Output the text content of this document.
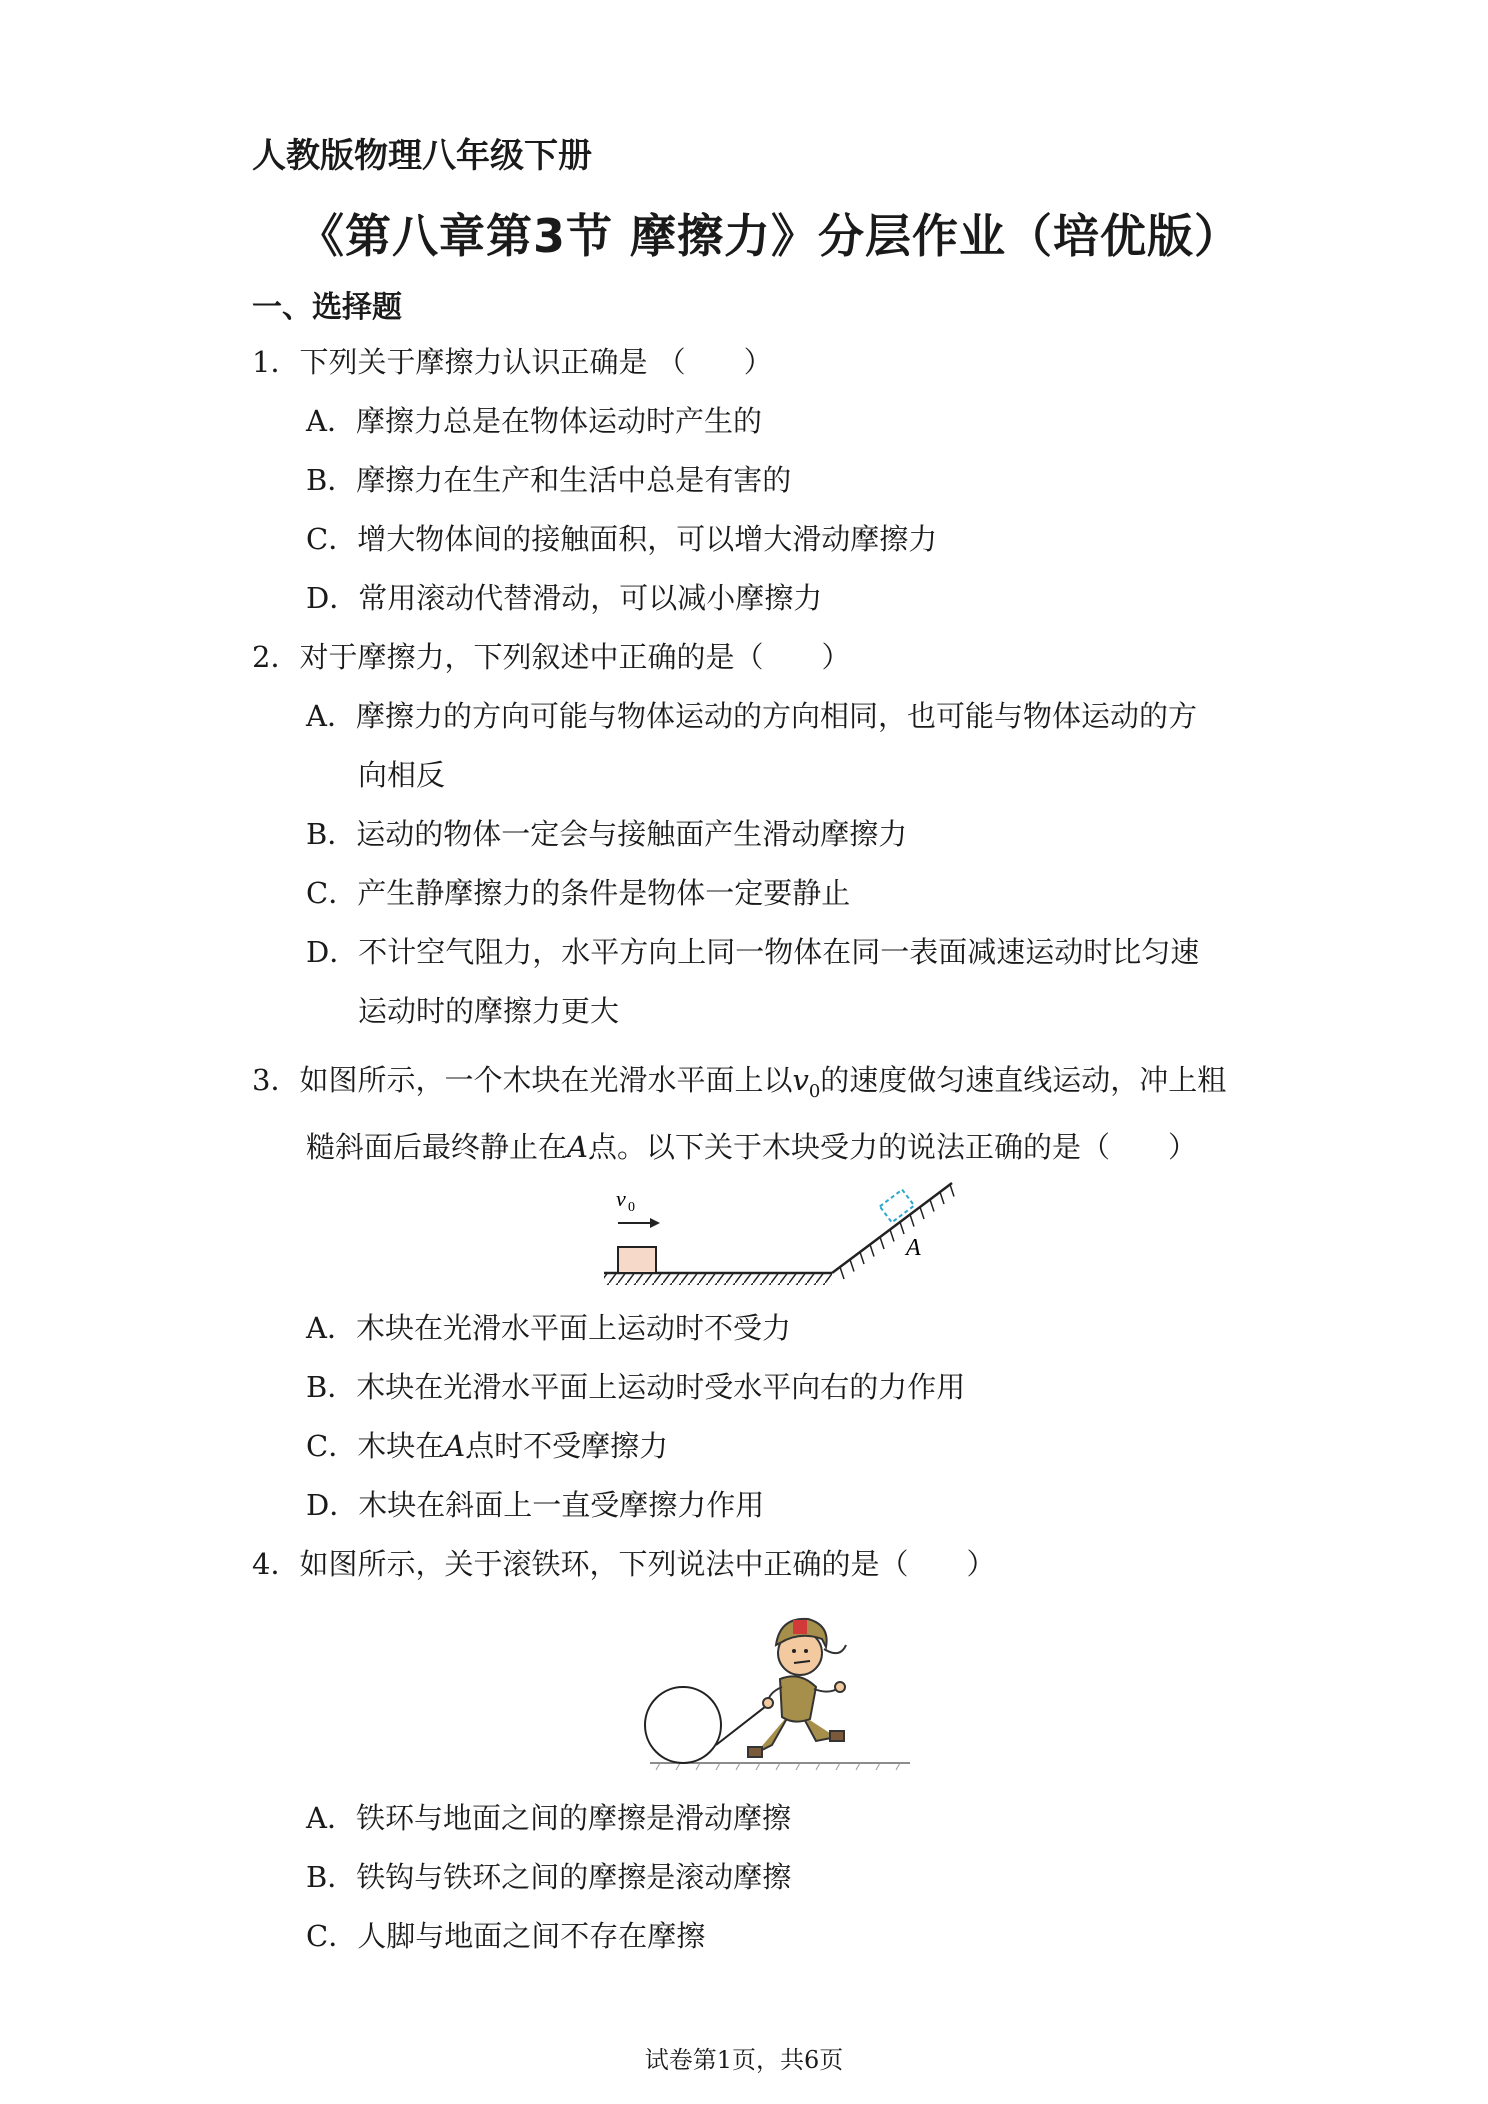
人教版物理八年级下册
《第八章第3节 摩擦力》分层作业（培优版）
一、选择题
1．下列关于摩擦力认识正确是 （　　）
A．摩擦力总是在物体运动时产生的
B．摩擦力在生产和生活中总是有害的
C．增大物体间的接触面积，可以增大滑动摩擦力
D．常用滚动代替滑动，可以减小摩擦力
2．对于摩擦力，下列叙述中正确的是（　　）
A．摩擦力的方向可能与物体运动的方向相同，也可能与物体运动的方
向相反
B．运动的物体一定会与接触面产生滑动摩擦力
C．产生静摩擦力的条件是物体一定要静止
D．不计空气阻力，水平方向上同一物体在同一表面减速运动时比匀速
运动时的摩擦力更大
3．如图所示，一个木块在光滑水平面上以$v_0$的速度做匀速直线运动，冲上粗
糙斜面后最终静止在A点。以下关于木块受力的说法正确的是（　　）
v 0
A
A．木块在光滑水平面上运动时不受力
B．木块在光滑水平面上运动时受水平向右的力作用
C．木块在A点时不受摩擦力
D．木块在斜面上一直受摩擦力作用
4．如图所示，关于滚铁环，下列说法中正确的是（　　）
A．铁环与地面之间的摩擦是滑动摩擦
B．铁钩与铁环之间的摩擦是滚动摩擦
C．人脚与地面之间不存在摩擦
试卷第1页，共6页
